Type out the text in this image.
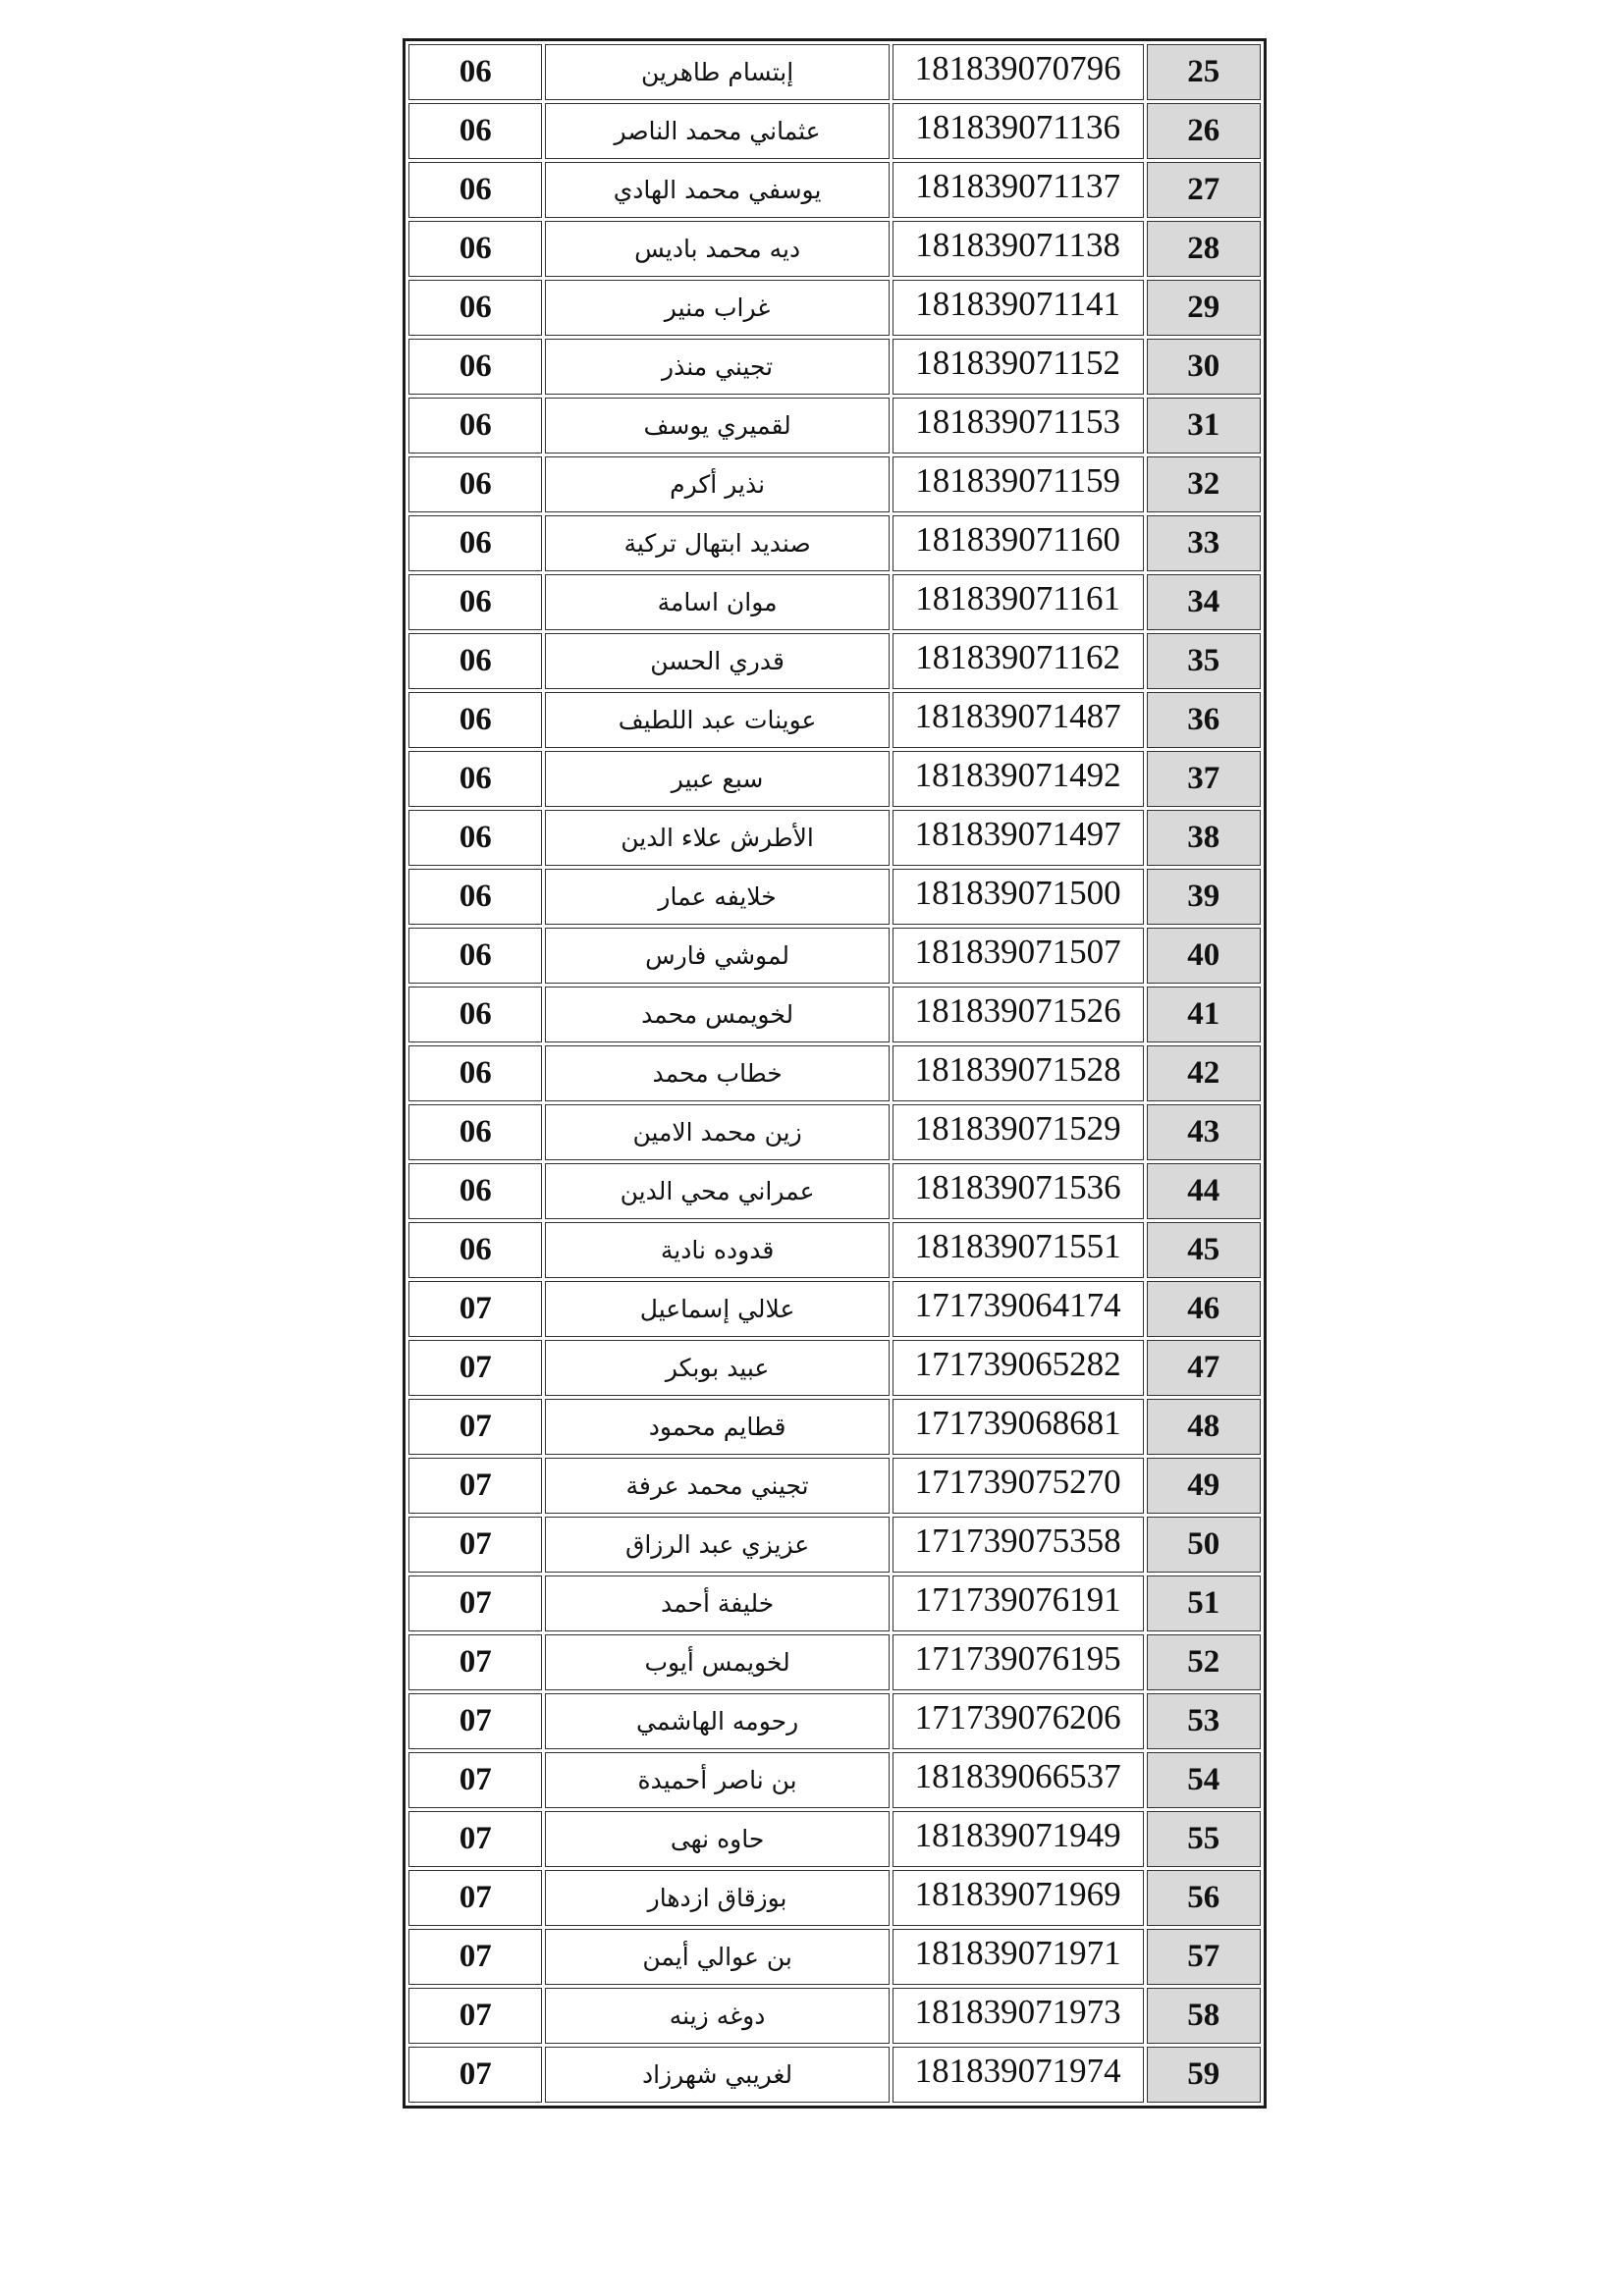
06	إبتسام طاهرين	181839070796	25
06	عثماني محمد الناصر	181839071136	26
06	يوسفي محمد الهادي	181839071137	27
06	ديه محمد باديس	181839071138	28
06	غراب منير	181839071141	29
06	تجيني منذر	181839071152	30
06	لقميري يوسف	181839071153	31
06	نذير أكرم	181839071159	32
06	صنديد ابتهال تركية	181839071160	33
06	موان اسامة	181839071161	34
06	قدري الحسن	181839071162	35
06	عوينات عبد اللطيف	181839071487	36
06	سبع عبير	181839071492	37
06	الأطرش علاء الدين	181839071497	38
06	خلايفه عمار	181839071500	39
06	لموشي فارس	181839071507	40
06	لخويمس محمد	181839071526	41
06	خطاب محمد	181839071528	42
06	زين محمد الامين	181839071529	43
06	عمراني محي الدين	181839071536	44
06	قدوده نادية	181839071551	45
07	علالي إسماعيل	171739064174	46
07	عبيد بوبكر	171739065282	47
07	قطايم محمود	171739068681	48
07	تجيني محمد عرفة	171739075270	49
07	عزيزي عبد الرزاق	171739075358	50
07	خليفة أحمد	171739076191	51
07	لخويمس أيوب	171739076195	52
07	رحومه الهاشمي	171739076206	53
07	بن ناصر أحميدة	181839066537	54
07	حاوه نهى	181839071949	55
07	بوزقاق ازدهار	181839071969	56
07	بن عوالي أيمن	181839071971	57
07	دوغه زينه	181839071973	58
07	لغريبي شهرزاد	181839071974	59
